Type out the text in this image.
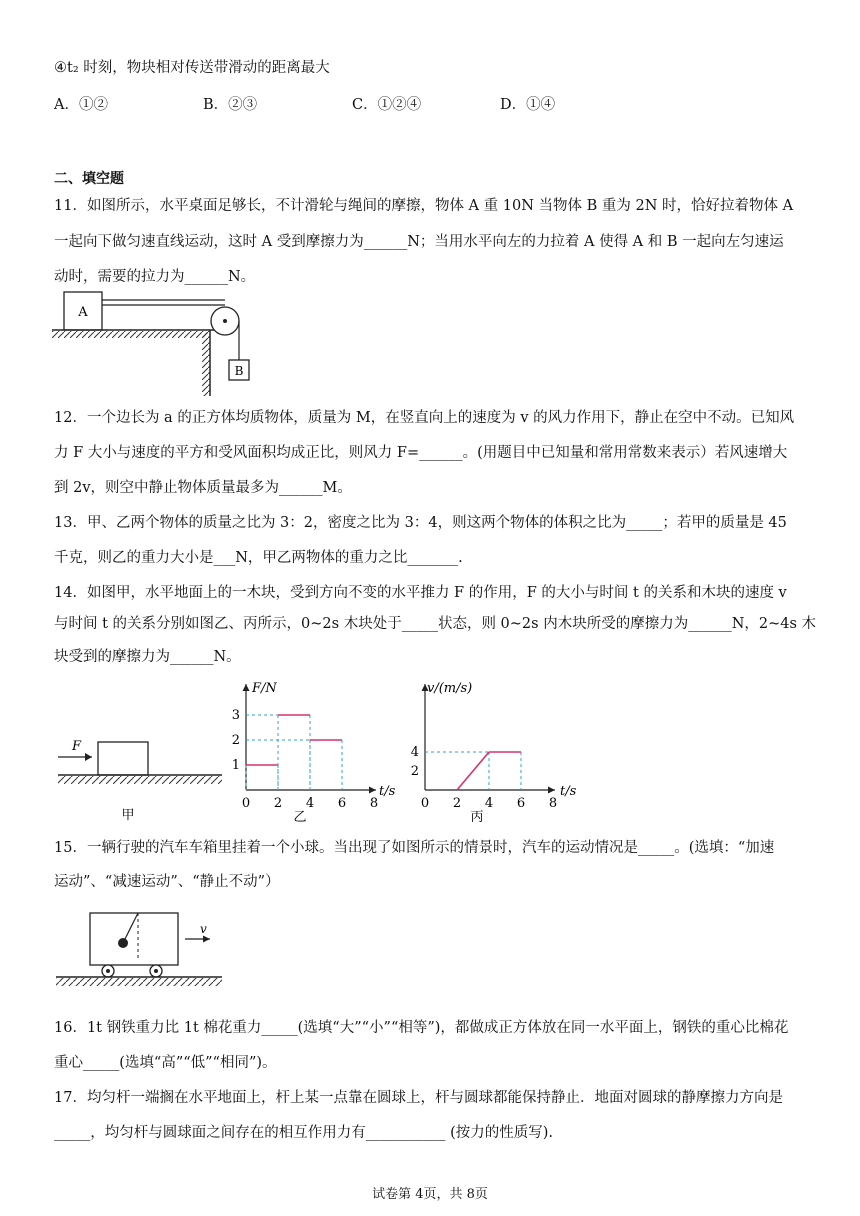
④t₂ 时刻，物块相对传送带滑动的距离最大
A．①②	B．②③	C．①②④	D．①④
二、填空题
11．如图所示，水平桌面足够长，不计滑轮与绳间的摩擦，物体 A 重 10N 当物体 B 重为 2N 时，恰好拉着物体 A
一起向下做匀速直线运动，这时 A 受到摩擦力为______N；当用水平向左的力拉着 A 使得 A 和 B 一起向左匀速运
动时，需要的拉力为______N。
A
B
12．一个边长为 a 的正方体均质物体，质量为 M，在竖直向上的速度为 v 的风力作用下，静止在空中不动。已知风
力 F 大小与速度的平方和受风面积均成正比，则风力 F=______。(用题目中已知量和常用常数来表示）若风速增大
到 2v，则空中静止物体质量最多为______M。
13．甲、乙两个物体的质量之比为 3：2，密度之比为 3：4，则这两个物体的体积之比为_____；若甲的质量是 45
千克，则乙的重力大小是___N，甲乙两物体的重力之比_______.
14．如图甲，水平地面上的一木块，受到方向不变的水平推力 F 的作用，F 的大小与时间 t 的关系和木块的速度 v
与时间 t 的关系分别如图乙、丙所示，0~2s 木块处于_____状态，则 0~2s 内木块所受的摩擦力为______N，2~4s 木
块受到的摩擦力为______N。
F
甲
F/N
t/s
0 2 4 6 8
1
2
3
乙
v/(m/s)
t/s
0 2 4 6 8
2
4
丙
15．一辆行驶的汽车车箱里挂着一个小球。当出现了如图所示的情景时，汽车的运动情况是_____。(选填：“加速
运动”、“减速运动”、“静止不动”）
v
16．1t 钢铁重力比 1t 棉花重力_____(选填“大”“小”“相等”)，都做成正方体放在同一水平面上，钢铁的重心比棉花
重心_____(选填“高”“低”“相同”)。
17．均匀杆一端搁在水平地面上，杆上某一点靠在圆球上，杆与圆球都能保持静止．地面对圆球的静摩擦力方向是
_____，均匀杆与圆球面之间存在的相互作用力有___________ (按力的性质写).
试卷第 4页，共 8页
